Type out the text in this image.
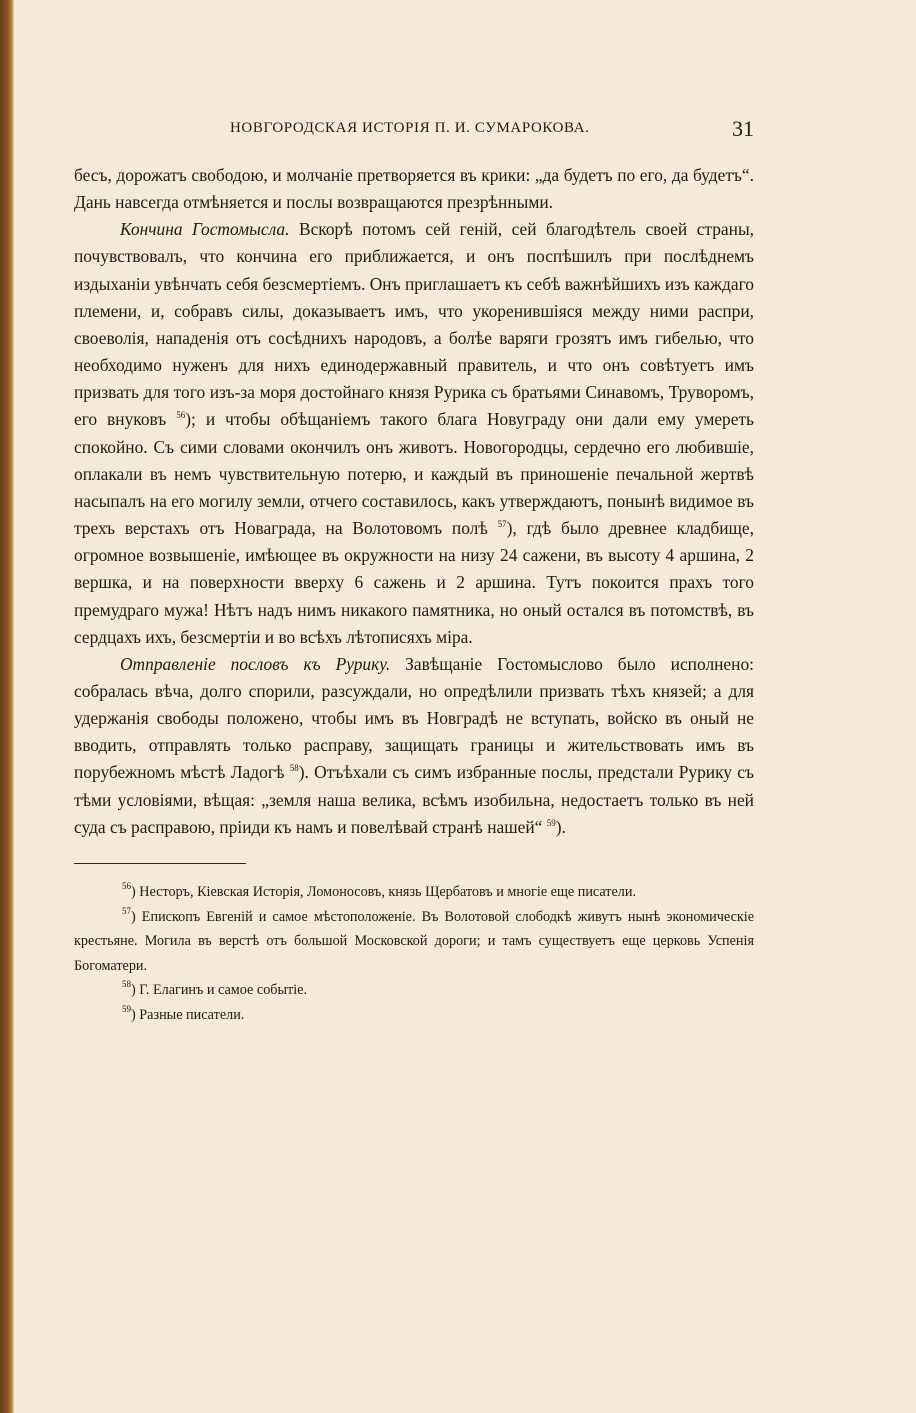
НОВГОРОДСКАЯ ИСТОРІЯ П. И. СУМАРОКОВА.	31

бесъ, дорожатъ свободою, и молчаніе претворяется въ крики: „да будетъ по его, да будетъ“. Дань навсегда отмѣняется и послы возвращаются презрѣнными.

Кончина Гостомысла. Вскорѣ потомъ сей геній, сей благодѣтель своей страны, почувствовалъ, что кончина его приближается, и онъ поспѣшилъ при послѣднемъ издыханіи увѣнчать себя безсмертіемъ. Онъ приглашаетъ къ себѣ важнѣйшихъ изъ каждаго племени, и, собравъ силы, доказываетъ имъ, что укоренившіяся между ними распри, своеволія, нападенія отъ сосѣднихъ народовъ, а болѣе варяги грозятъ имъ гибелью, что необходимо нуженъ для нихъ единодержавный правитель, и что онъ совѣтуетъ имъ призвать для того изъ-за моря достойнаго князя Рурика съ братьями Синавомъ, Труворомъ, его внуковъ $^{56}$); и чтобы обѣщаніемъ такого блага Новуграду они дали ему умереть спокойно. Съ сими словами окончилъ онъ животъ. Новогородцы, сердечно его любившіе, оплакали въ немъ чувствительную потерю, и каждый въ приношеніе печальной жертвѣ насыпалъ на его могилу земли, отчего составилось, какъ утверждаютъ, понынѣ видимое въ трехъ верстахъ отъ Новаграда, на Волотовомъ полѣ $^{57}$), гдѣ было древнее кладбище, огромное возвышеніе, имѣющее въ окружности на низу 24 сажени, въ высоту 4 аршина, 2 вершка, и на поверхности вверху 6 сажень и 2 аршина. Тутъ покоится прахъ того премудраго мужа! Нѣтъ надъ нимъ никакого памятника, но оный остался въ потомствѣ, въ сердцахъ ихъ, безсмертіи и во всѣхъ лѣтописяхъ міра.

Отправленіе пословъ къ Рурику. Завѣщаніе Гостомыслово было исполнено: собралась вѣча, долго спорили, разсуждали, но опредѣлили призвать тѣхъ князей; а для удержанія свободы положено, чтобы имъ въ Новградѣ не вступать, войско въ оный не вводить, отправлять только расправу, защищать границы и жительствовать имъ въ порубежномъ мѣстѣ Ладогѣ $^{58}$). Отъѣхали съ симъ избранные послы, предстали Рурику съ тѣми условіями, вѣщая: „земля наша велика, всѣмъ изобильна, недостаетъ только въ ней суда съ расправою, пріиди къ намъ и повелѣвай странѣ нашей“ $^{59}$).

$^{56}$) Несторъ, Кіевская Исторія, Ломоносовъ, князь Щербатовъ и многіе еще писатели.

$^{57}$) Епископъ Евгеній и самое мѣстоположеніе. Въ Волотовой слободкѣ живутъ нынѣ экономическіе крестьяне. Могила въ верстѣ отъ большой Московской дороги; и тамъ существуетъ еще церковь Успенія Богоматери.

$^{58}$) Г. Елагинъ и самое событіе.

$^{59}$) Разные писатели.
